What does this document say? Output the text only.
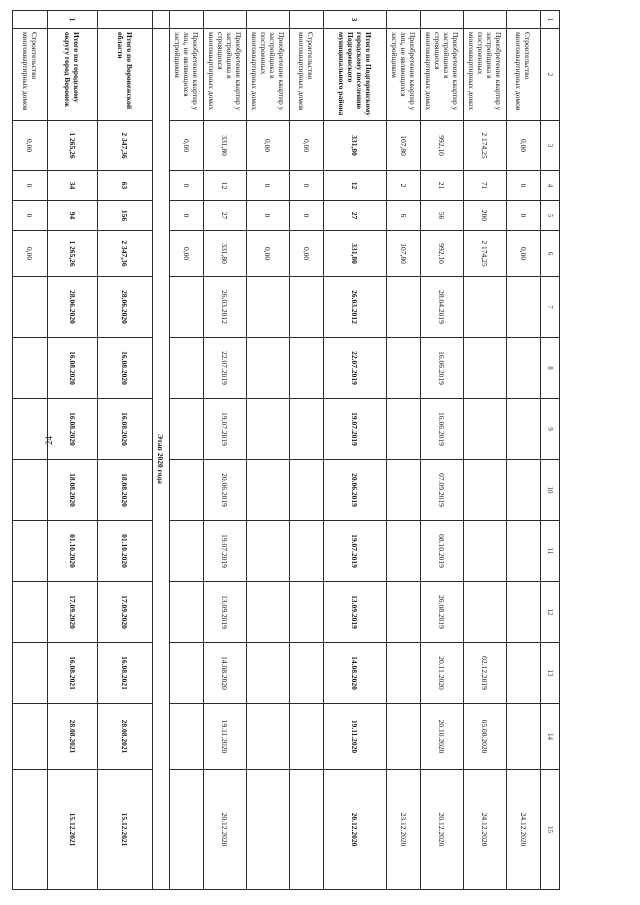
24
1	2	3	4	5	6	7	8	9	10	11	12	13	14	15
	Строительство многоквартирных домов	0,00	0	0	0,00									24.12.2020
	Приобретение квартир у застройщика в построенных многоквартирных домах	2 174,25	71	200	2 174,25							02.12.2019	05.08.2020	24.12.2020
	Приобретение квартир у застройщика в строящихся многоквартирных домах	992,10	21	56	992,10	28.04.2019	16.06.2019	16.06.2019	07.09.2019	08.10.2019	26.08.2019	20.11.2020	20.10.2020	20.12.2020
	Приобретение квартир у лиц, не являющихся застройщиком	107,80	2	6	107,80									23.12.2020
3	Итого по Подгоренскому городскому поселению Подгоренского муниципального района	331,80	12	27	331,80	26.03.2012	22.07.2019	19.07.2019	20.06.2019	19.07.2019	13.09.2019	14.08.2020	19.11.2020	20.12.2020
	Строительство многоквартирных домов	0,00	0	0	0,00									
	Приобретение квартир у застройщика в построенных многоквартирных домах	0,00	0	0	0,00									
	Приобретение квартир у застройщика в строящихся многоквартирных домах	331,80	12	27	331,80	26.03.2012	22.07.2019	19.07.2019	20.06.2019	19.07.2019	13.09.2019	14.08.2020	19.11.2020	20.12.2020
	Приобретение квартир у лиц, не являющихся застройщиком	0,00	0	0	0,00									
	Этап 2020 года													
	Итого по Воронежской области	2 347,36	63	156	2 347,36	28.06.2020	16.08.2020	16.08.2020	18.08.2020	01.10.2020	17.09.2020	16.08.2021	28.08.2021	15.12.2021
1	Итого по городскому округу город Воронеж	1 265,26	34	94	1 265,26	28.06.2020	16.08.2020	16.08.2020	18.08.2020	01.10.2020	17.09.2020	16.08.2021	28.08.2021	15.12.2021
	Строительство многоквартирных домов	0,00	0	0	0,00									
